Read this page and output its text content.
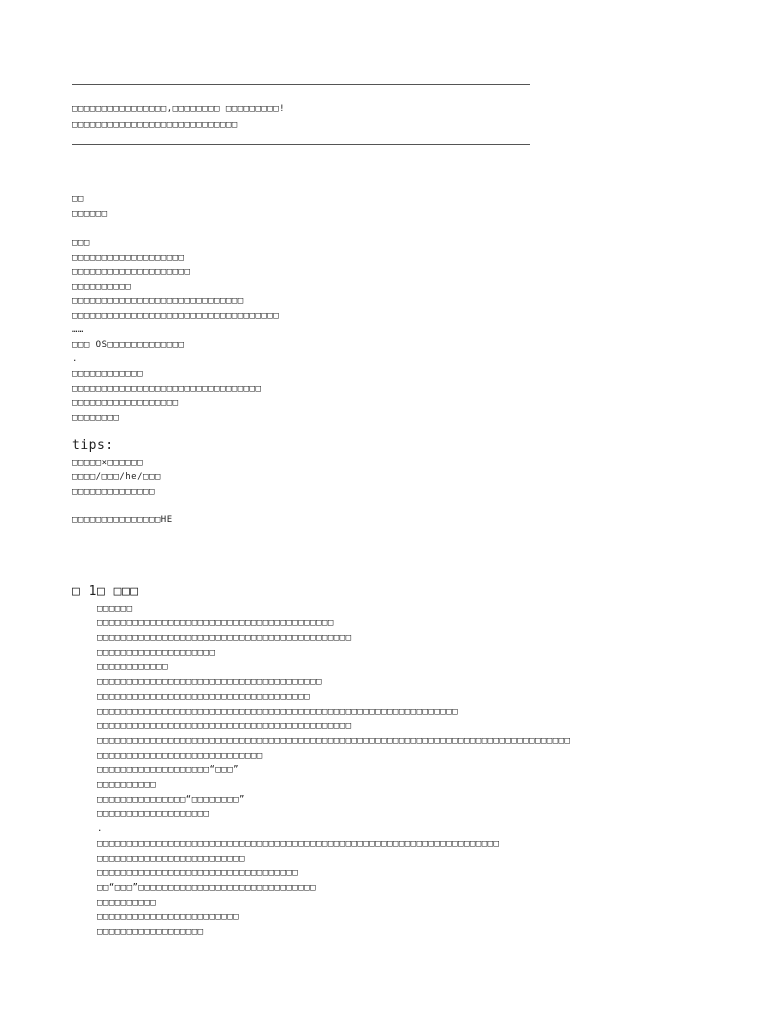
□□□□□□□□□□□□□□□□,□□□□□□□□ □□□□□□□□□!
□□□□□□□□□□□□□□□□□□□□□□□□□□□□
□□
□□□□□□
□□□
□□□□□□□□□□□□□□□□□□□
□□□□□□□□□□□□□□□□□□□□
□□□□□□□□□□
□□□□□□□□□□□□□□□□□□□□□□□□□□□□□
□□□□□□□□□□□□□□□□□□□□□□□□□□□□□□□□□□□
……
□□□ OS□□□□□□□□□□□□□
.
□□□□□□□□□□□□
□□□□□□□□□□□□□□□□□□□□□□□□□□□□□□□□
□□□□□□□□□□□□□□□□□□
□□□□□□□□
tips:
□□□□□×□□□□□□
□□□□/□□□/he/□□□
□□□□□□□□□□□□□□
□□□□□□□□□□□□□□□HE
□ 1□ □□□
□□□□□□
□□□□□□□□□□□□□□□□□□□□□□□□□□□□□□□□□□□□□□□□
□□□□□□□□□□□□□□□□□□□□□□□□□□□□□□□□□□□□□□□□□□□
□□□□□□□□□□□□□□□□□□□□
□□□□□□□□□□□□
□□□□□□□□□□□□□□□□□□□□□□□□□□□□□□□□□□□□□□
□□□□□□□□□□□□□□□□□□□□□□□□□□□□□□□□□□□□
□□□□□□□□□□□□□□□□□□□□□□□□□□□□□□□□□□□□□□□□□□□□□□□□□□□□□□□□□□□□□
□□□□□□□□□□□□□□□□□□□□□□□□□□□□□□□□□□□□□□□□□□□
□□□□□□□□□□□□□□□□□□□□□□□□□□□□□□□□□□□□□□□□□□□□□□□□□□□□□□□□□□□□□□□□□□□□□□□□□□□□□□□□
□□□□□□□□□□□□□□□□□□□□□□□□□□□□
□□□□□□□□□□□□□□□□□□□“□□□”
□□□□□□□□□□
□□□□□□□□□□□□□□□“□□□□□□□□”
□□□□□□□□□□□□□□□□□□□
.
□□□□□□□□□□□□□□□□□□□□□□□□□□□□□□□□□□□□□□□□□□□□□□□□□□□□□□□□□□□□□□□□□□□□
□□□□□□□□□□□□□□□□□□□□□□□□□
□□□□□□□□□□□□□□□□□□□□□□□□□□□□□□□□□□
□□“□□□”□□□□□□□□□□□□□□□□□□□□□□□□□□□□□□
□□□□□□□□□□
□□□□□□□□□□□□□□□□□□□□□□□□
□□□□□□□□□□□□□□□□□□
